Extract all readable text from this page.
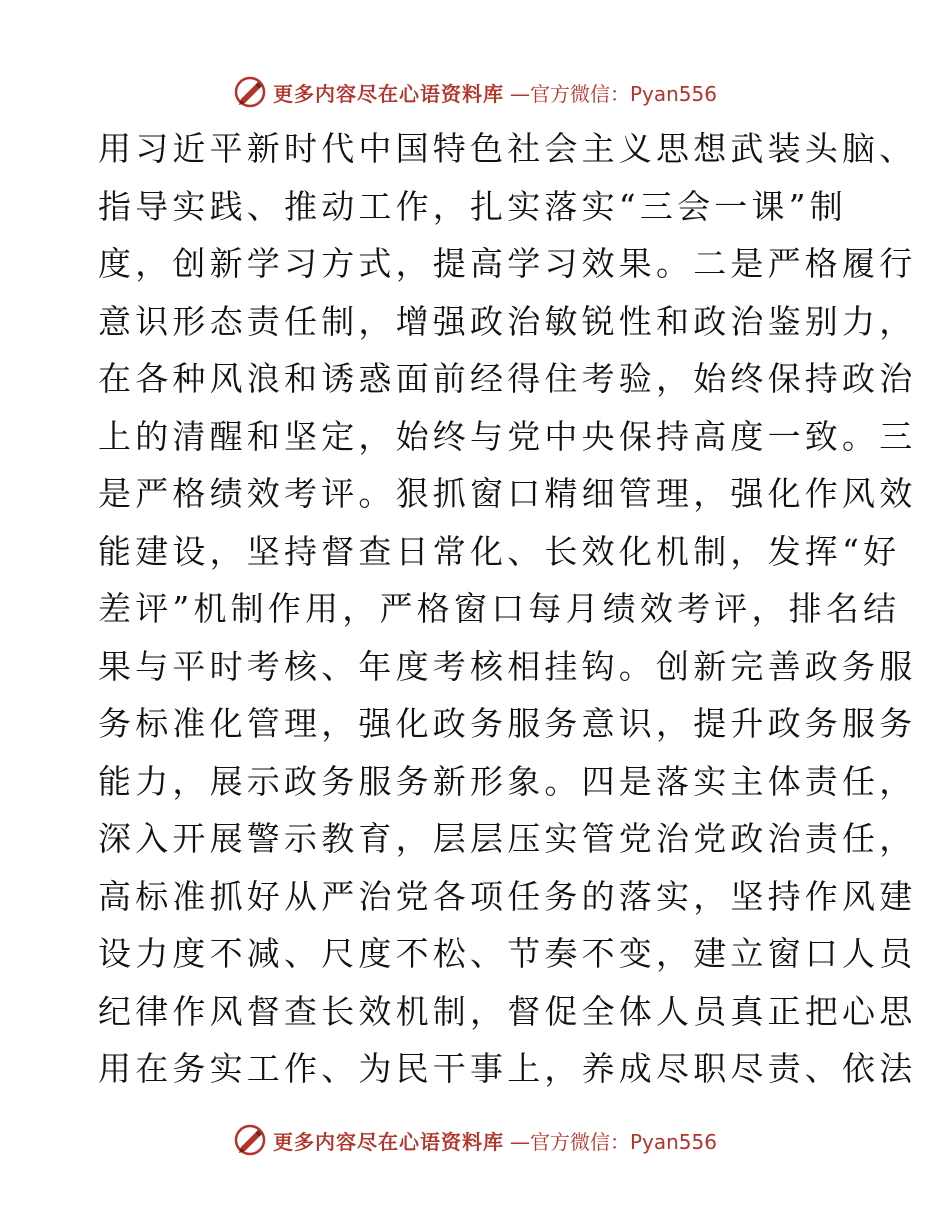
更多内容尽在心语资料库 —官方微信：Pyan556
用习近平新时代中国特色社会主义思想武装头脑、
指导实践、推动工作，扎实落实“三会一课”制
度，创新学习方式，提高学习效果。二是严格履行
意识形态责任制，增强政治敏锐性和政治鉴别力，
在各种风浪和诱惑面前经得住考验，始终保持政治
上的清醒和坚定，始终与党中央保持高度一致。三
是严格绩效考评。狠抓窗口精细管理，强化作风效
能建设，坚持督查日常化、长效化机制，发挥“好
差评”机制作用，严格窗口每月绩效考评，排名结
果与平时考核、年度考核相挂钩。创新完善政务服
务标准化管理，强化政务服务意识，提升政务服务
能力，展示政务服务新形象。四是落实主体责任，
深入开展警示教育，层层压实管党治党政治责任，
高标准抓好从严治党各项任务的落实，坚持作风建
设力度不减、尺度不松、节奏不变，建立窗口人员
纪律作风督查长效机制，督促全体人员真正把心思
用在务实工作、为民干事上，养成尽职尽责、依法
更多内容尽在心语资料库 —官方微信：Pyan556
